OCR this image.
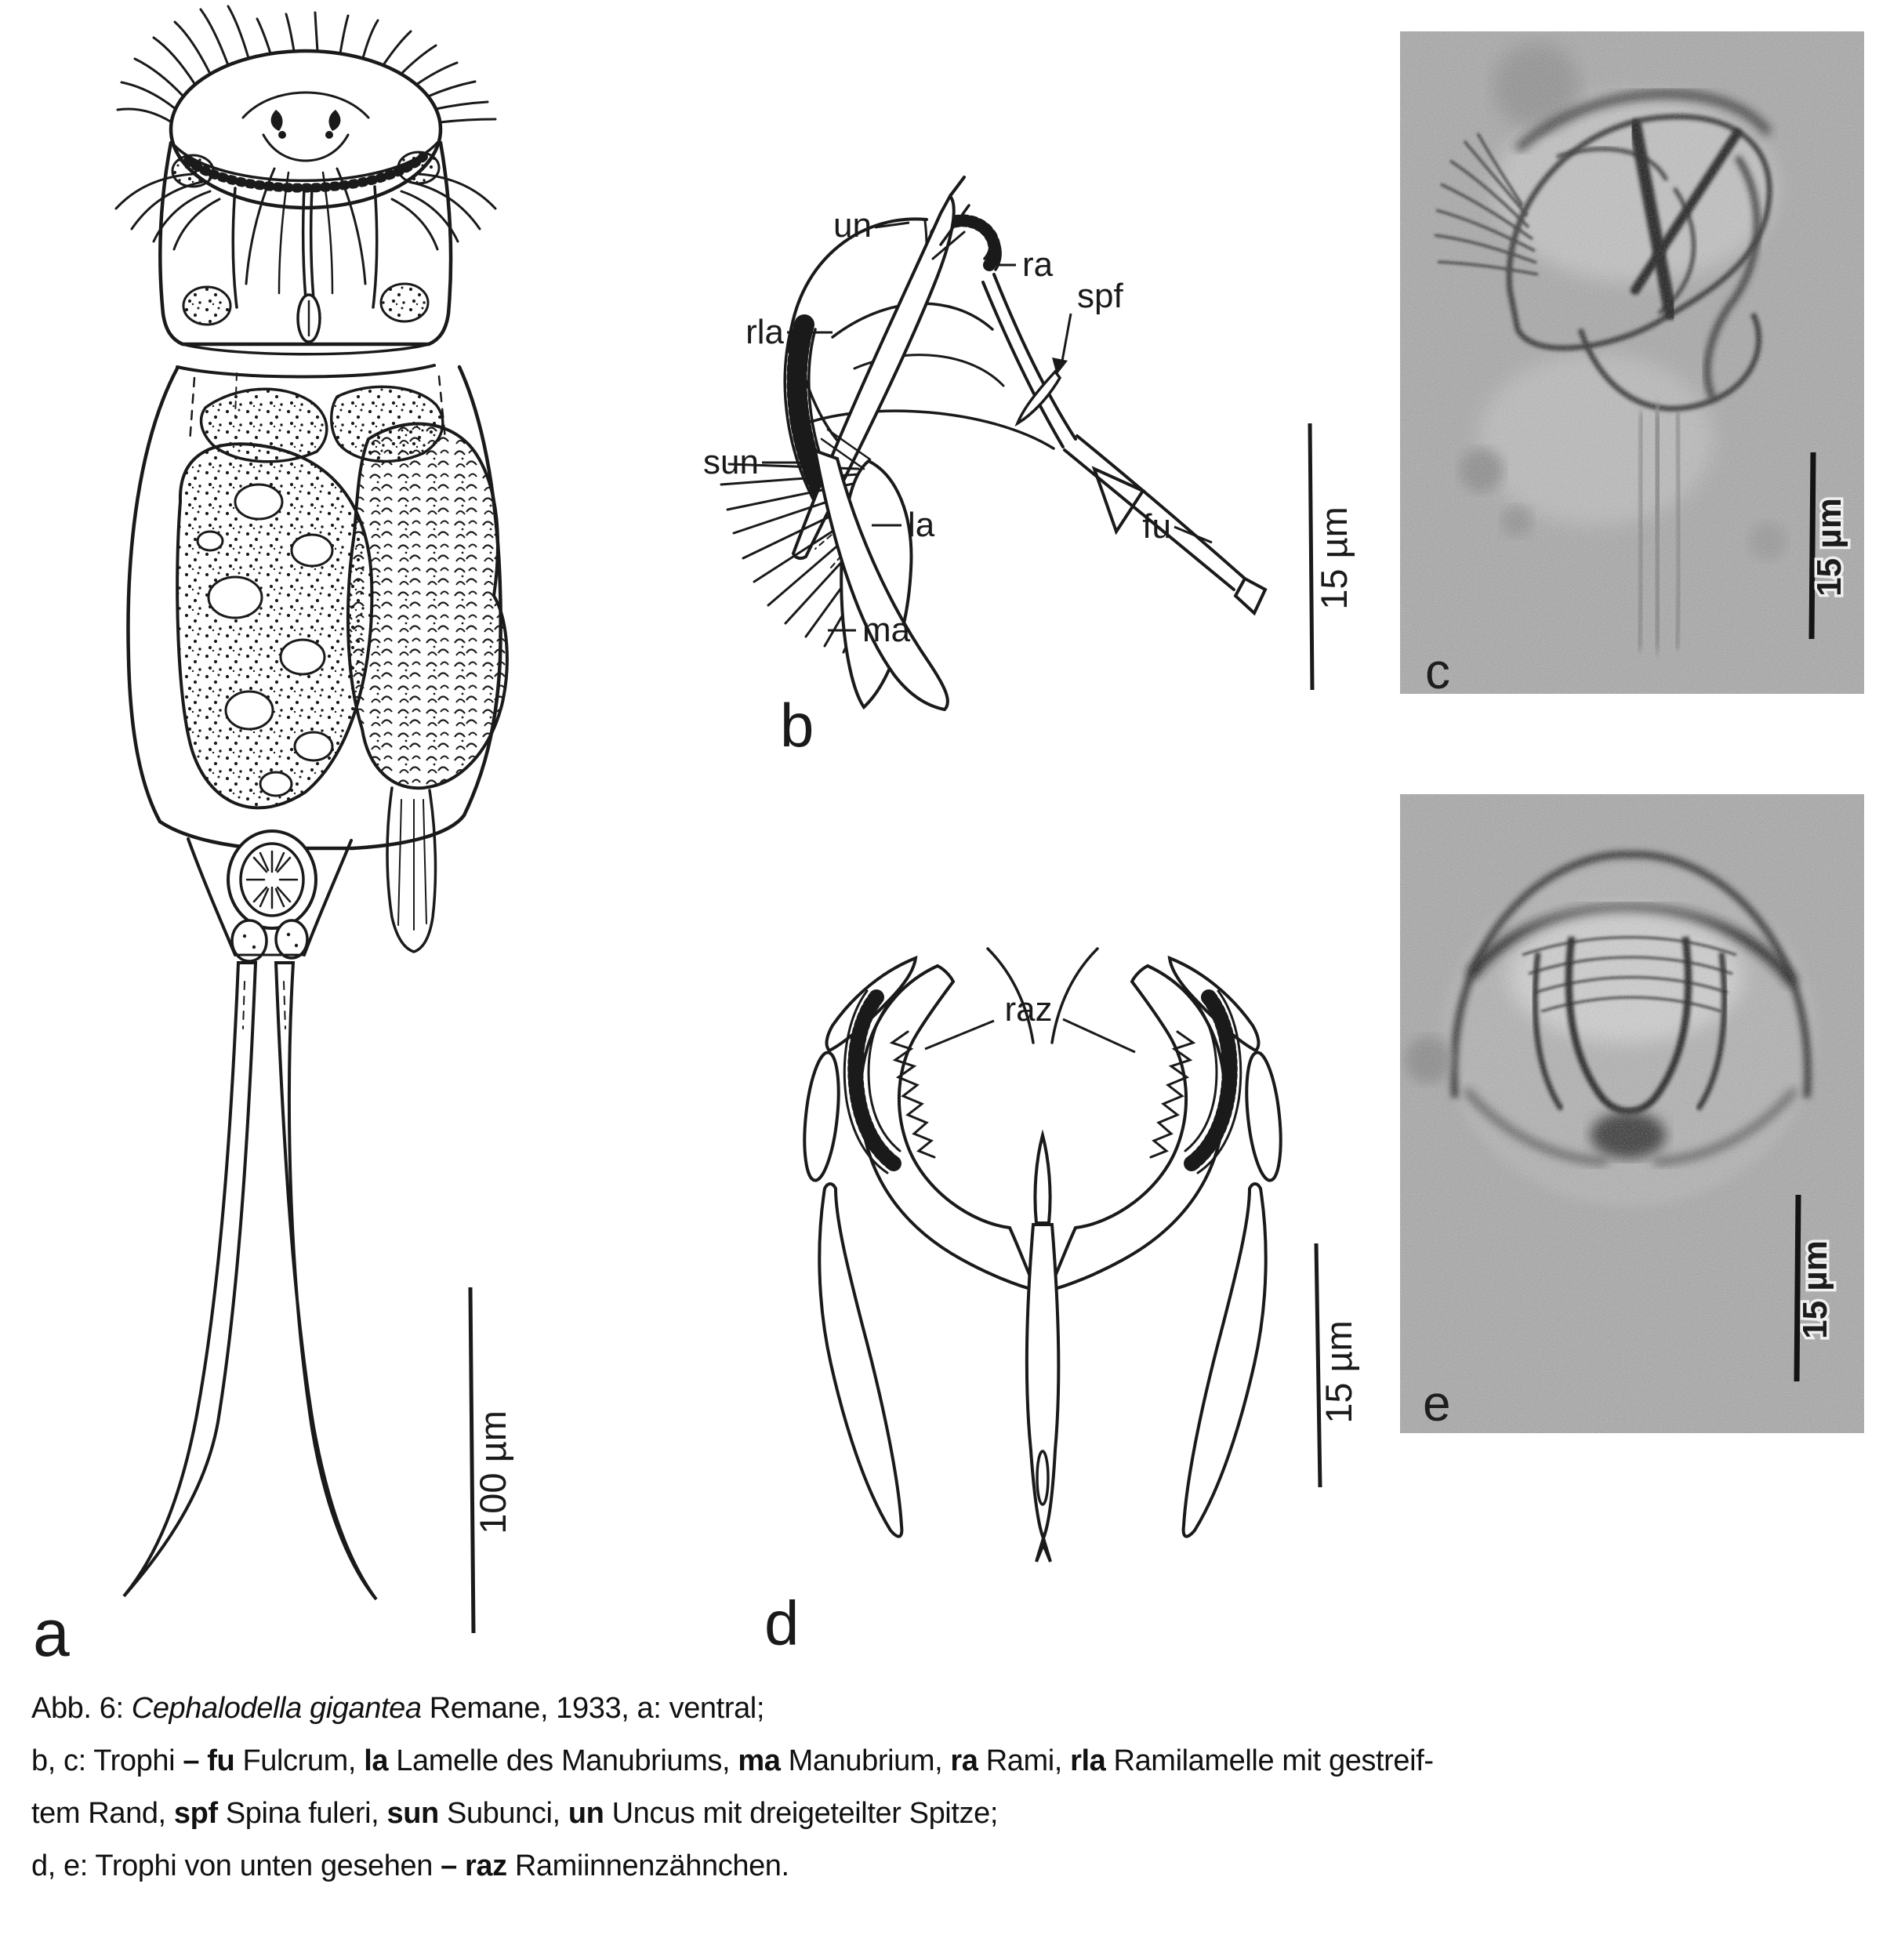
100 µm
a
un
ra
spf
rla
sun
la	fu
ma
15 µm
b
15 µm
c
raz
15 µm
d
15 µm
e

Abb. 6: Cephalodella gigantea Remane, 1933, a: ventral;

b, c: Trophi – fu Fulcrum, la Lamelle des Manubriums, ma Manubrium, ra Rami, rla Ramilamelle mit gestreif-

tem Rand, spf Spina fuleri, sun Subunci, un Uncus mit dreigeteilter Spitze;

d, e: Trophi von unten gesehen – raz Ramiinnenzähnchen.
